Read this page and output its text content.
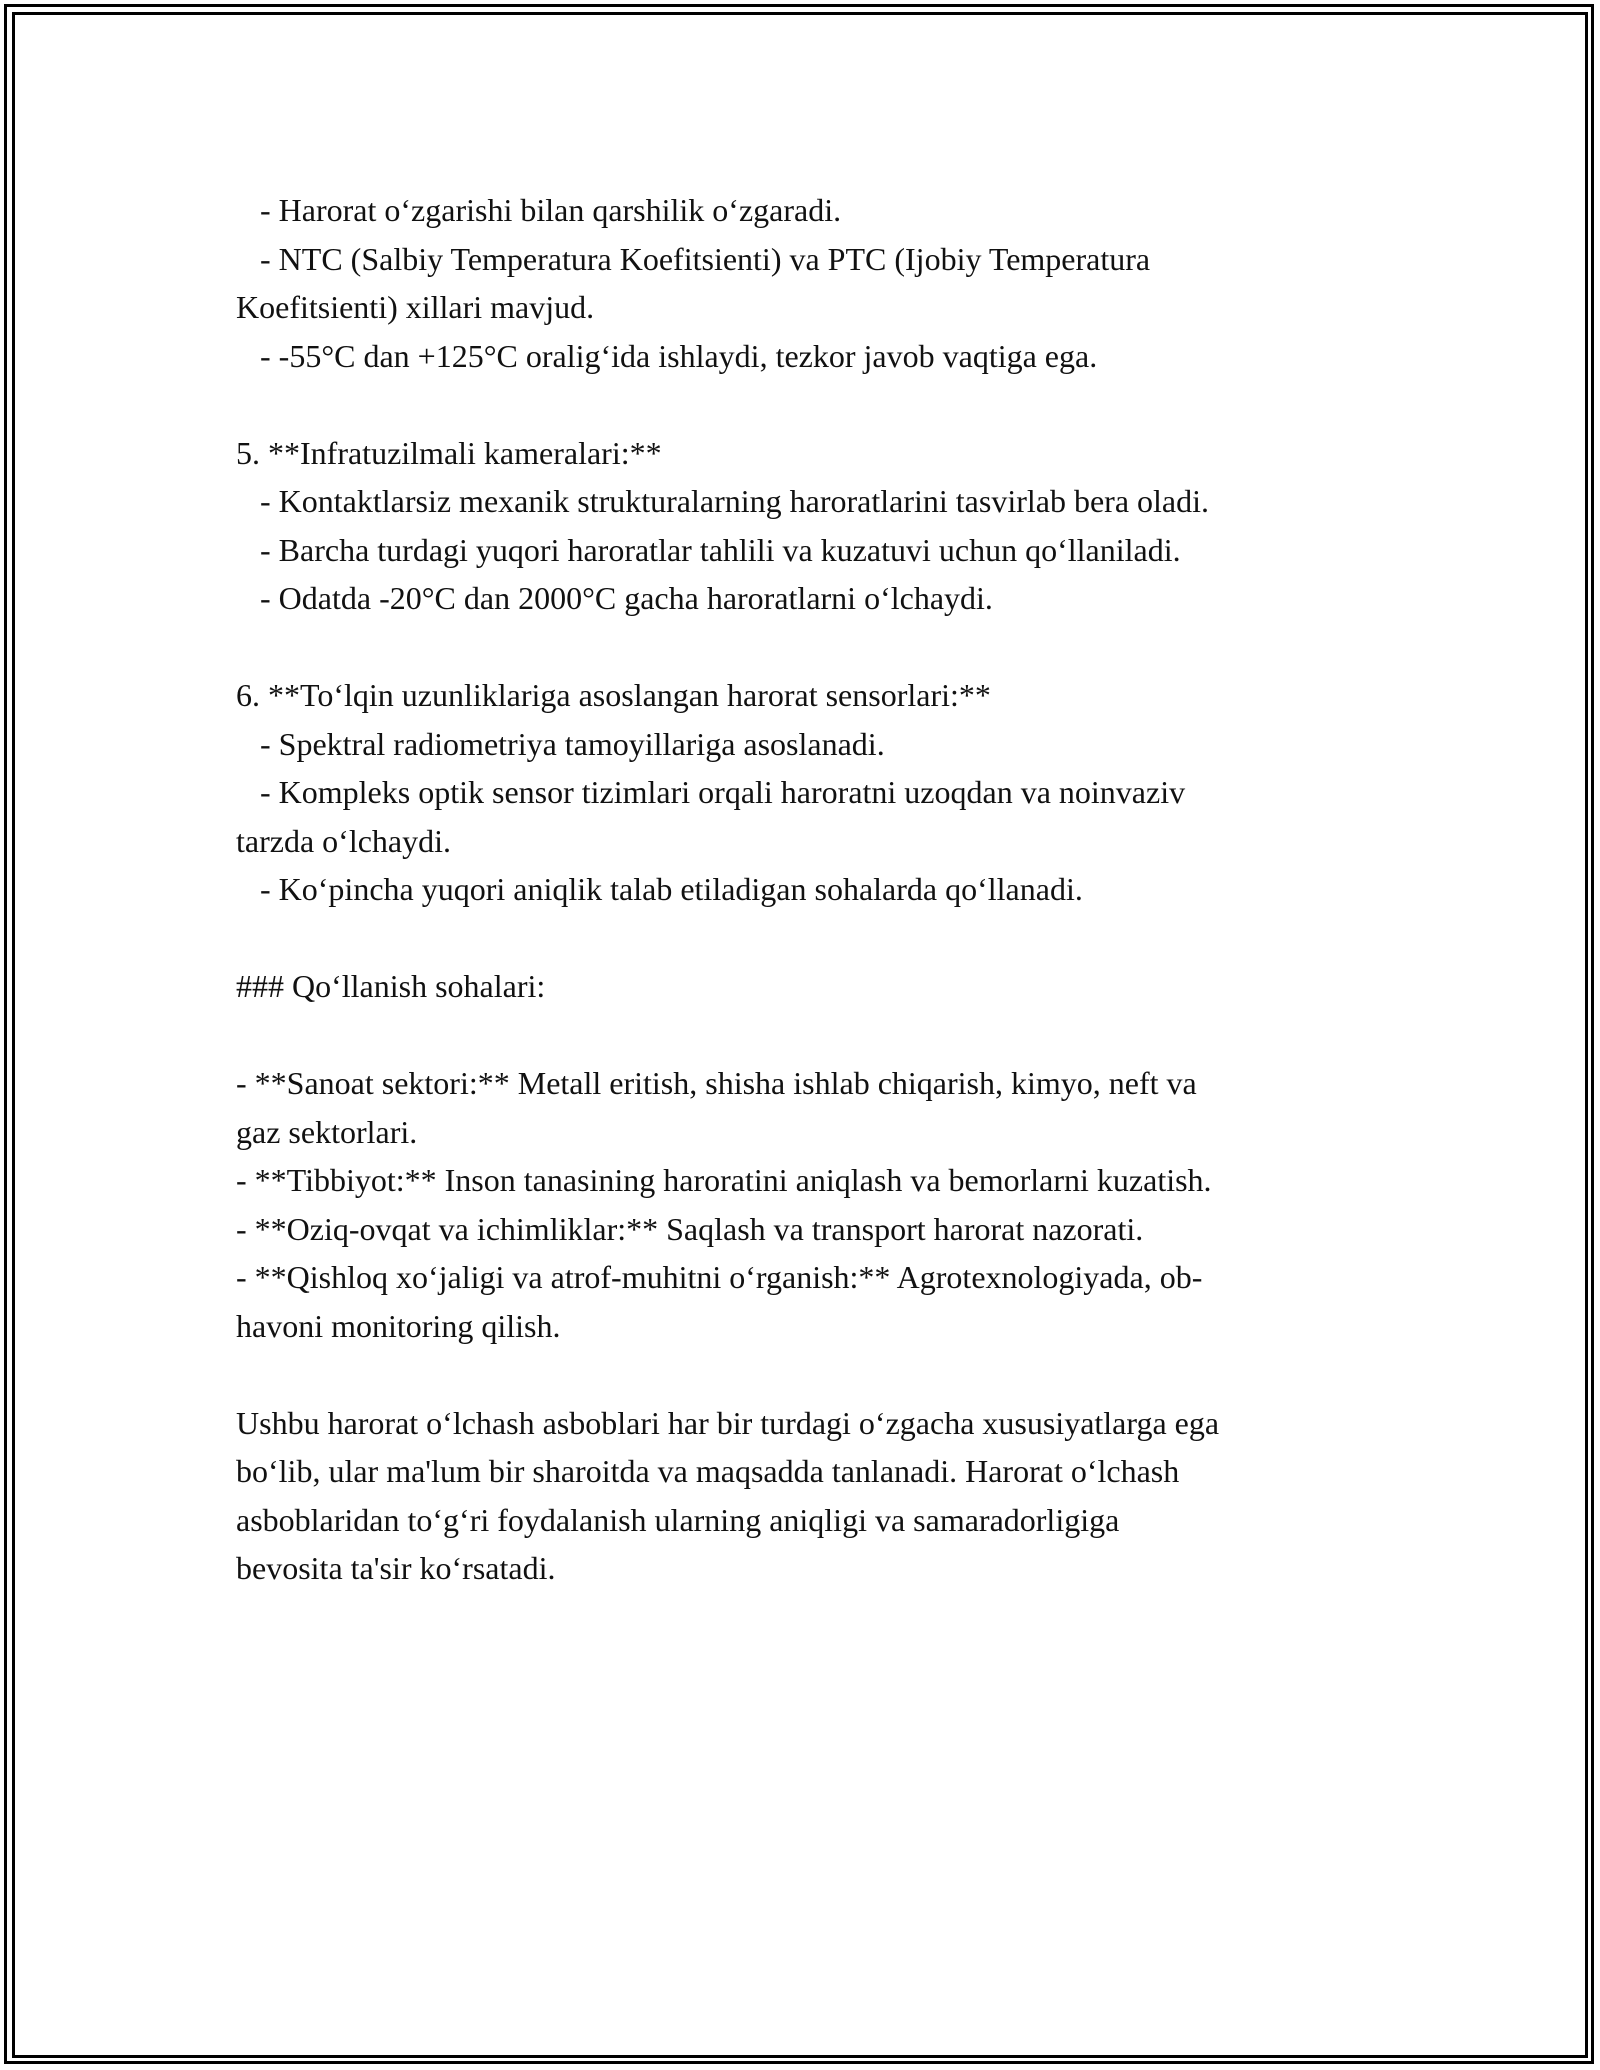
- Harorat o‘zgarishi bilan qarshilik o‘zgaradi.
- NTC (Salbiy Temperatura Koefitsienti) va PTC (Ijobiy Temperatura
Koefitsienti) xillari mavjud.
- -55°C dan +125°C oralig‘ida ishlaydi, tezkor javob vaqtiga ega.
5. **Infratuzilmali kameralari:**
- Kontaktlarsiz mexanik strukturalarning haroratlarini tasvirlab bera oladi.
- Barcha turdagi yuqori haroratlar tahlili va kuzatuvi uchun qo‘llaniladi.
- Odatda -20°C dan 2000°C gacha haroratlarni o‘lchaydi.
6. **To‘lqin uzunliklariga asoslangan harorat sensorlari:**
- Spektral radiometriya tamoyillariga asoslanadi.
- Kompleks optik sensor tizimlari orqali haroratni uzoqdan va noinvaziv
tarzda o‘lchaydi.
- Ko‘pincha yuqori aniqlik talab etiladigan sohalarda qo‘llanadi.
### Qo‘llanish sohalari:
- **Sanoat sektori:** Metall eritish, shisha ishlab chiqarish, kimyo, neft va
gaz sektorlari.
- **Tibbiyot:** Inson tanasining haroratini aniqlash va bemorlarni kuzatish.
- **Oziq-ovqat va ichimliklar:** Saqlash va transport harorat nazorati.
- **Qishloq xo‘jaligi va atrof-muhitni o‘rganish:** Agrotexnologiyada, ob-
havoni monitoring qilish.
Ushbu harorat o‘lchash asboblari har bir turdagi o‘zgacha xususiyatlarga ega
bo‘lib, ular ma'lum bir sharoitda va maqsadda tanlanadi. Harorat o‘lchash
asboblaridan to‘g‘ri foydalanish ularning aniqligi va samaradorligiga
bevosita ta'sir ko‘rsatadi.
